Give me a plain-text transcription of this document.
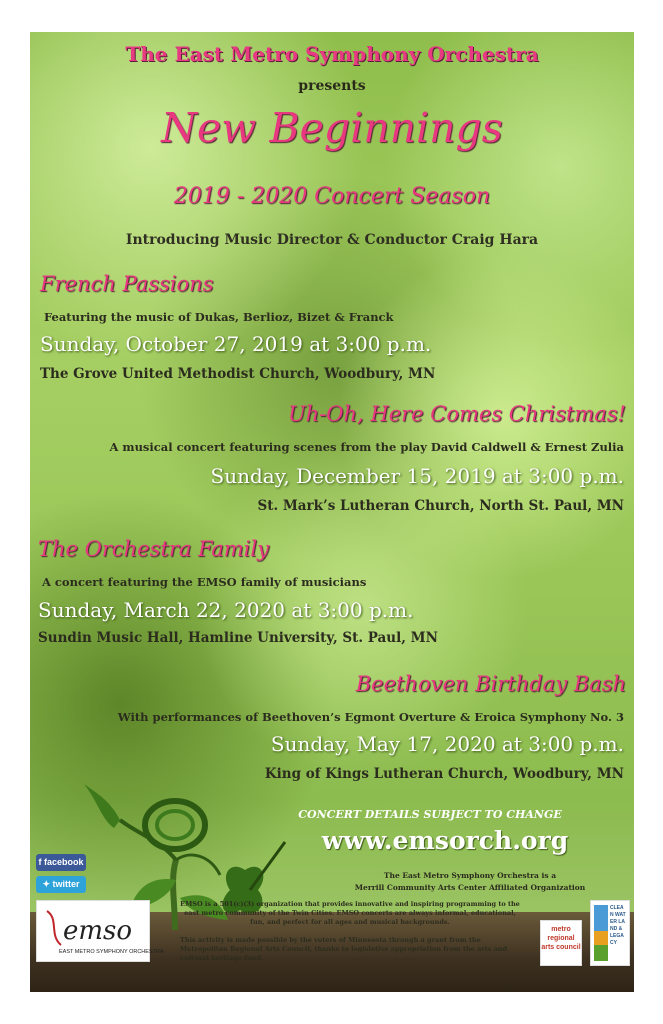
The East Metro Symphony Orchestra
presents
New Beginnings
2019 - 2020 Concert Season
Introducing Music Director & Conductor Craig Hara
French Passions
Featuring the music of Dukas, Berlioz, Bizet & Franck
Sunday, October 27, 2019 at 3:00 p.m.
The Grove United Methodist Church, Woodbury, MN
Uh-Oh, Here Comes Christmas!
A musical concert featuring scenes from the play David Caldwell & Ernest Zulia
Sunday, December 15, 2019 at 3:00 p.m.
St. Mark’s Lutheran Church, North St. Paul, MN
The Orchestra Family
A concert featuring the EMSO family of musicians
Sunday, March 22, 2020 at 3:00 p.m.
Sundin Music Hall, Hamline University, St. Paul, MN
Beethoven Birthday Bash
With performances of Beethoven’s Egmont Overture & Eroica Symphony No. 3
Sunday, May 17, 2020 at 3:00 p.m.
King of Kings Lutheran Church, Woodbury, MN
CONCERT DETAILS SUBJECT TO CHANGE
www.emsorch.org
The East Metro Symphony Orchestra is a
Merrill Community Arts Center Affiliated Organization
f facebook
✦ twitter
emso
EAST METRO SYMPHONY ORCHESTRA
EMSO is a 501(c)(3) organization that provides innovative and inspiring programming to the east metro community of the Twin Cities. EMSO concerts are always informal, educational, fun, and perfect for all ages and musical backgrounds.
This activity is made possible by the voters of Minnesota through a grant from the Metropolitan Regional Arts Council, thanks to legislative appropriation from the arts and cultural heritage fund.
metro regional arts council
CLEAN WATER LAND & LEGACY
